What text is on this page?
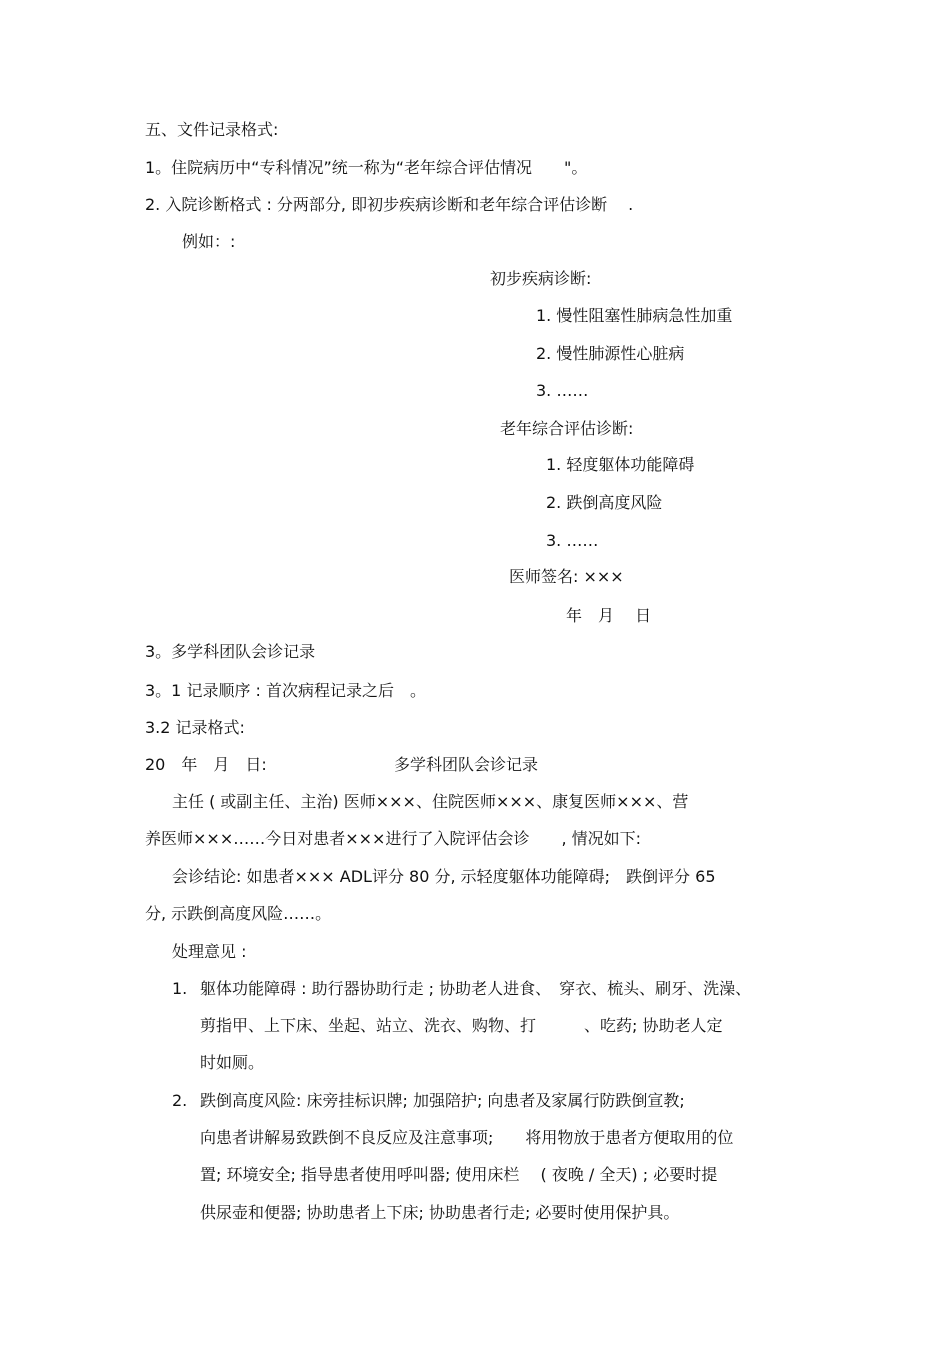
五、文件记录格式:
1。住院病历中“专科情况”统一称为“老年综合评估情况　　"。
2. 入院诊断格式 : 分两部分, 即初步疾病诊断和老年综合评估诊断　 .
例如：:
初步疾病诊断:
1. 慢性阻塞性肺病急性加重
2. 慢性肺源性心脏病
3. ……
老年综合评估诊断:
1. 轻度躯体功能障碍
2. 跌倒高度风险
3. ……
医师签名: ×××
年　月　 日
3。多学科团队会诊记录
3。1 记录顺序 : 首次病程记录之后　。
3.2 记录格式:
20　年　月　日:	多学科团队会诊记录
主任 ( 或副主任、主治) 医师×××、住院医师×××、康复医师×××、营
养医师×××……今日对患者×××进行了入院评估会诊　　, 情况如下:
会诊结论: 如患者××× ADL评分 80 分, 示轻度躯体功能障碍;　跌倒评分 65
分, 示跌倒高度风险……。
处理意见 :
1. 躯体功能障碍 : 助行器协助行走 ; 协助老人进食、　穿衣、梳头、刷牙、洗澡、
剪指甲、上下床、坐起、站立、洗衣、购物、打　　　、吃药; 协助老人定
时如厕。
2. 跌倒高度风险: 床旁挂标识牌; 加强陪护; 向患者及家属行防跌倒宣教;
向患者讲解易致跌倒不良反应及注意事项;　　将用物放于患者方便取用的位
置; 环境安全; 指导患者使用呼叫器; 使用床栏　 ( 夜晚 / 全天) ; 必要时提
供尿壶和便器; 协助患者上下床; 协助患者行走; 必要时使用保护具。
